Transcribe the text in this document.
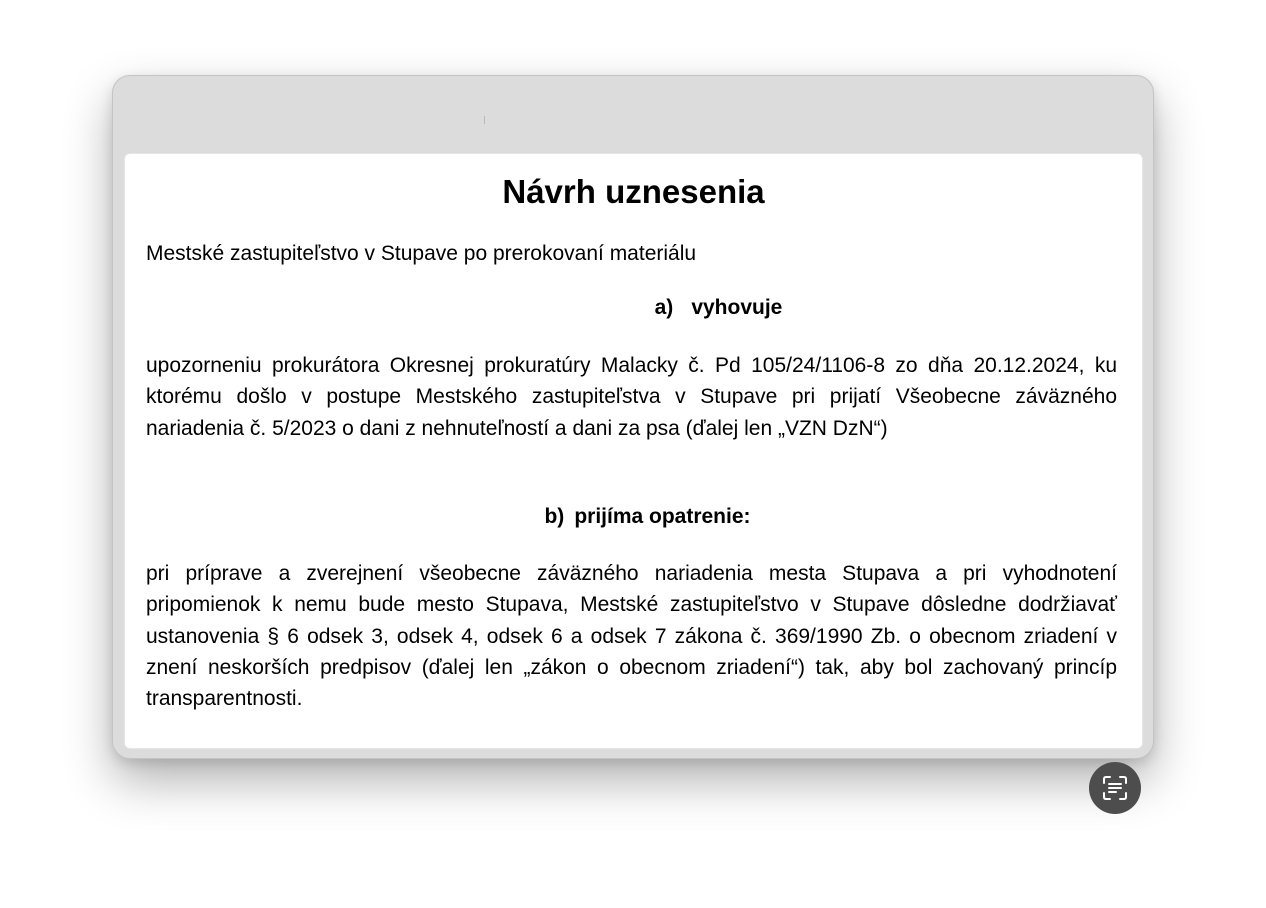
Návrh uznesenia

Mestské zastupiteľstvo v Stupave po prerokovaní materiálu

a) vyhovuje

upozorneniu prokurátora Okresnej prokuratúry Malacky č. Pd 105/24/1106-8 zo dňa 20.12.2024, ku ktorému došlo v postupe Mestského zastupiteľstva v Stupave pri prijatí Všeobecne záväzného nariadenia č. 5/2023 o dani z nehnuteľností a dani za psa (ďalej len „VZN DzN“)

b) prijíma opatrenie:

pri príprave a zverejnení všeobecne záväzného nariadenia mesta Stupava a pri vyhodnotení pripomienok k nemu bude mesto Stupava, Mestské zastupiteľstvo v Stupave dôsledne dodržiavať ustanovenia § 6 odsek 3, odsek 4, odsek 6 a odsek 7 zákona č. 369/1990 Zb. o obecnom zriadení v znení neskorších predpisov (ďalej len „zákon o obecnom zriadení“) tak, aby bol zachovaný princíp transparentnosti.
